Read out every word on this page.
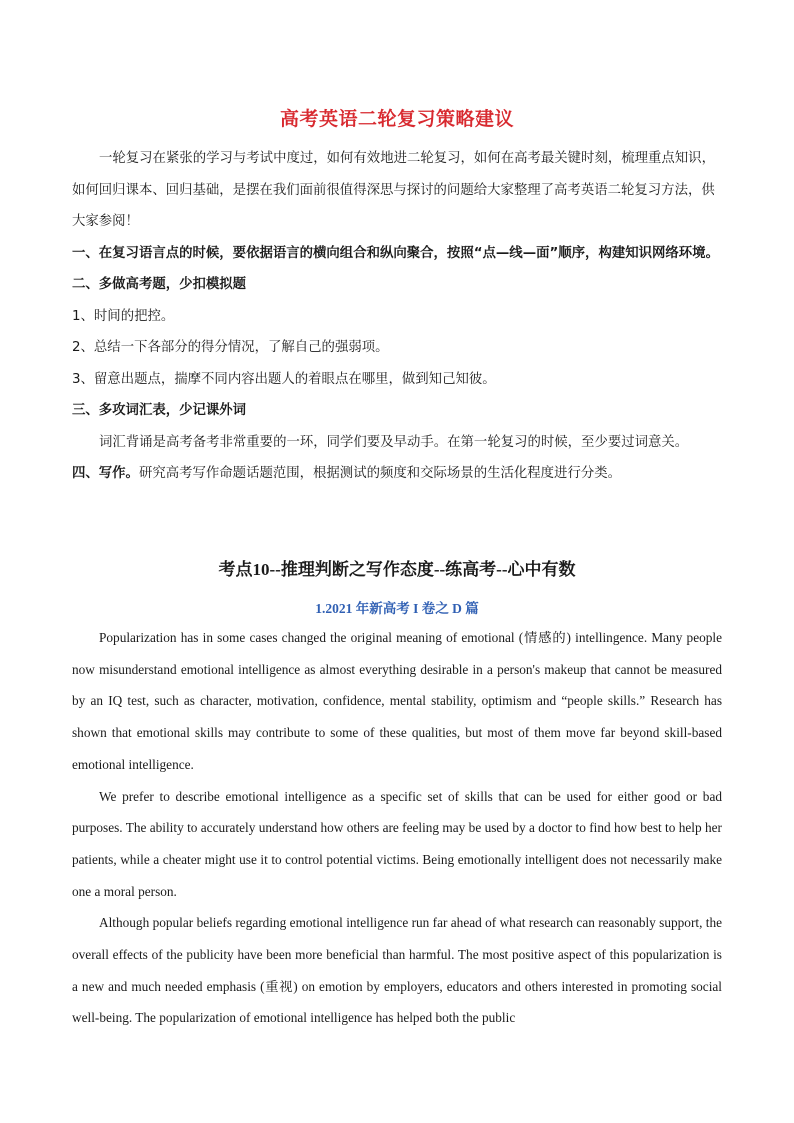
高考英语二轮复习策略建议

一轮复习在紧张的学习与考试中度过，如何有效地进二轮复习，如何在高考最关键时刻，梳理重点知识，如何回归课本、回归基础，是摆在我们面前很值得深思与探讨的问题给大家整理了高考英语二轮复习方法，供大家参阅！

一、在复习语言点的时候，要依据语言的横向组合和纵向聚合，按照“点—线—面”顺序，构建知识网络环境。

二、多做高考题，少扣模拟题

1、时间的把控。

2、总结一下各部分的得分情况，了解自己的强弱项。

3、留意出题点，揣摩不同内容出题人的着眼点在哪里，做到知己知彼。

三、多攻词汇表，少记课外词

词汇背诵是高考备考非常重要的一环，同学们要及早动手。在第一轮复习的时候，至少要过词意关。

四、写作。研究高考写作命题话题范围，根据测试的频度和交际场景的生活化程度进行分类。

考点10--推理判断之写作态度--练高考--心中有数
1.2021 年新高考 I 卷之 D 篇

Popularization has in some cases changed the original meaning of emotional (情感的) intellingence. Many people now misunderstand emotional intelligence as almost everything desirable in a person's makeup that cannot be measured by an IQ test, such as character, motivation, confidence, mental stability, optimism and “people skills.” Research has shown that emotional skills may contribute to some of these qualities, but most of them move far beyond skill-based emotional intelligence.

We prefer to describe emotional intelligence as a specific set of skills that can be used for either good or bad purposes. The ability to accurately understand how others are feeling may be used by a doctor to find how best to help her patients, while a cheater might use it to control potential victims. Being emotionally intelligent does not necessarily make one a moral person.

Although popular beliefs regarding emotional intelligence run far ahead of what research can reasonably support, the overall effects of the publicity have been more beneficial than harmful. The most positive aspect of this popularization is a new and much needed emphasis (重视) on emotion by employers, educators and others interested in promoting social well-being. The popularization of emotional intelligence has helped both the public
